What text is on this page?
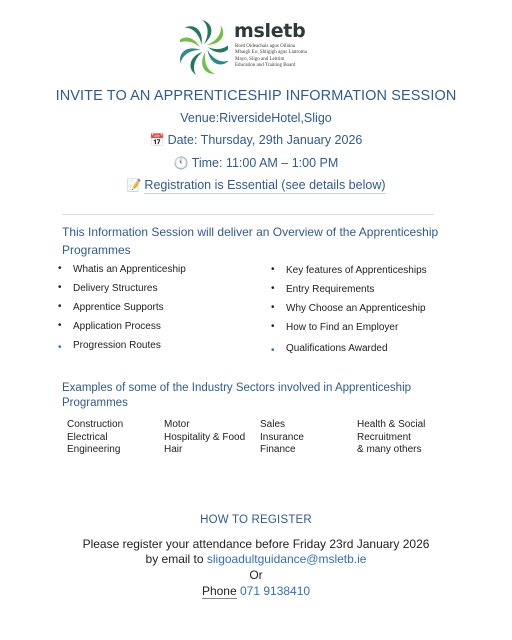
msletb
Bord Oideachais agus Oiliúna
Mhaigh Eo, Shligigh agus Liatroma
Mayo, Sligo and Leitrim
Education and Training Board
INVITE TO AN APPRENTICESHIP INFORMATION SESSION
Venue:RiversideHotel,Sligo
📅 Date: Thursday, 29th January 2026
🕚 Time: 11:00 AM – 1:00 PM
📝 Registration is Essential (see details below)
This Information Session will deliver an Overview of the Apprenticeship Programmes
• Whatis an Apprenticeship
• Delivery Structures
• Apprentice Supports
• Application Process
• Progression Routes
• Key features of Apprenticeships
• Entry Requirements
• Why Choose an Apprenticeship
• How to Find an Employer
• Qualifications Awarded
Examples of some of the Industry Sectors involved in Apprenticeship Programmes
Construction
Electrical
Engineering
Motor
Hospitality & Food
Hair
Sales
Insurance
Finance
Health & Social
Recruitment
& many others
HOW TO REGISTER
Please register your attendance before Friday 23rd January 2026
by email to sligoadultguidance@msletb.ie
Or
Phone 071 9138410
